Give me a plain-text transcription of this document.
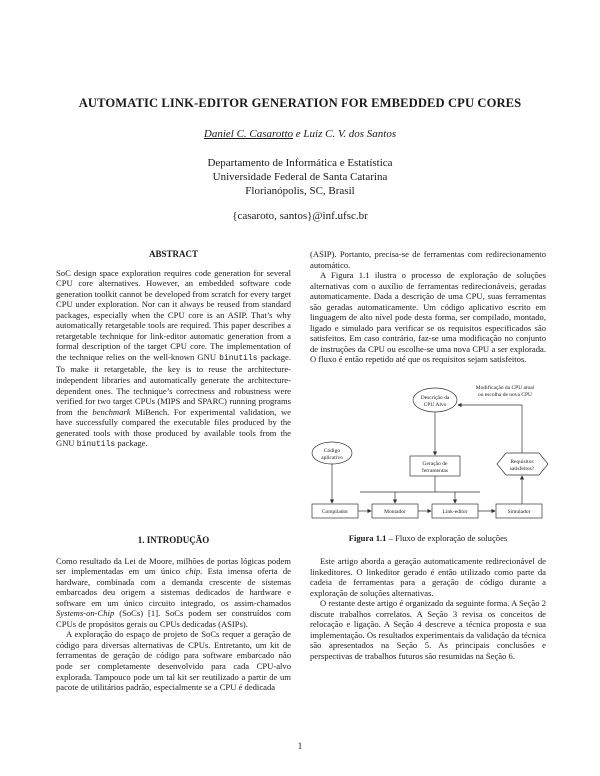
AUTOMATIC LINK-EDITOR GENERATION FOR EMBEDDED CPU CORES
Daniel C. Casarotto e Luiz C. V. dos Santos
Departamento de Informática e Estatística
Universidade Federal de Santa Catarina
Florianópolis, SC, Brasil
{casaroto, santos}@inf.ufsc.br
ABSTRACT

SoC design space exploration requires code generation for several CPU core alternatives. However, an embedded software code generation toolkit cannot be developed from scratch for every target CPU under exploration. Nor can it always be reused from standard packages, especially when the CPU core is an ASIP. That’s why automatically retargetable tools are required. This paper describes a retargetable technique for link-editor automatic generation from a formal description of the target CPU core. The implementation of the technique relies on the well-known GNU binutils package. To make it retargetable, the key is to reuse the architecture-independent libraries and automatically generate the architecture-dependent ones. The technique’s correctness and robustness were verified for two target CPUs (MIPS and SPARC) running programs from the benchmark MiBench. For experimental validation, we have successfully compared the executable files produced by the generated tools with those produced by available tools from the GNU binutils package.

1. INTRODUÇÃO

Como resultado da Lei de Moore, milhões de portas lógicas podem ser implementadas em um único chip. Esta imensa oferta de hardware, combinada com a demanda crescente de sistemas embarcados deu origem a sistemas dedicados de hardware e software em um único circuito integrado, os assim-chamados Systems-on-Chip (SoCs) [1]. SoCs podem ser construídos com CPUs de propósitos gerais ou CPUs dedicadas (ASIPs).

A exploração do espaço de projeto de SoCs requer a geração de código para diversas alternativas de CPUs. Entretanto, um kit de ferramentas de geração de código para software embarcado não pode ser completamente desenvolvido para cada CPU-alvo explorada. Tampouco pode um tal kit ser reutilizado a partir de um pacote de utilitários padrão, especialmente se a CPU é dedicada

(ASIP). Portanto, precisa-se de ferramentas com redirecionamento automático.

A Figura 1.1 ilustra o processo de exploração de soluções alternativas com o auxílio de ferramentas redirecionáveis, geradas automaticamente. Dada a descrição de uma CPU, suas ferramentas são geradas automaticamente. Um código aplicativo escrito em linguagem de alto nível pode desta forma, ser compilado, montado, ligado e simulado para verificar se os requisitos especificados são satisfeitos. Em caso contrário, faz-se uma modificação no conjunto de instruções da CPU ou escolhe-se uma nova CPU a ser explorada. O fluxo é então repetido até que os requisitos sejam satisfeitos.

Modificação da CPU atual
ou escolha de nova CPU
Descrição da
CPU Alvo
Código
aplicativo
Geração de
ferramentas
Requisitos
satisfeitos?
Compilador	Montador	Link-editor	Simulador
Figura 1.1 – Fluxo de exploração de soluções

Este artigo aborda a geração automaticamente redirecionável de linkeditores. O linkeditor gerado é então utilizado como parte da cadeia de ferramentas para a geração de código durante a exploração de soluções alternativas.

O restante deste artigo é organizado da seguinte forma. A Seção 2 discute trabalhos correlatos. A Seção 3 revisa os conceitos de relocação e ligação. A Seção 4 descreve a técnica proposta e sua implementação. Os resultados experimentais da validação da técnica são apresentados na Seção 5. As principais conclusões e perspectivas de trabalhos futuros são resumidas na Seção 6.

1
